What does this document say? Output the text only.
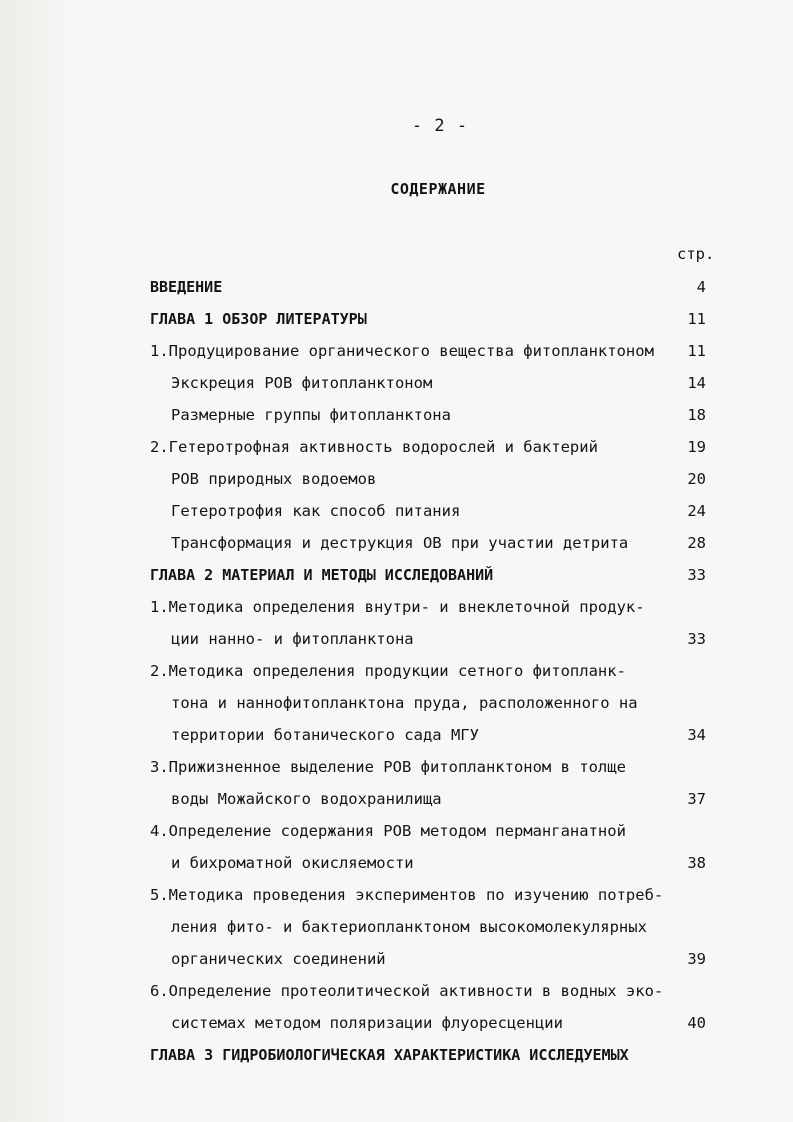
- 2 -
СОДЕРЖАНИЕ
стр.
ВВЕДЕНИЕ	4
ГЛАВА 1 ОБЗОР ЛИТЕРАТУРЫ	11
1.Продуцирование органического вещества фитопланктоном 11
Экскреция РОВ фитопланктоном	14
Размерные группы фитопланктона	18
2.Гетеротрофная активность водорослей и бактерий	19
РОВ природных водоемов	20
Гетеротрофия как способ питания	24
Трансформация и деструкция ОВ при участии детрита	28
ГЛАВА 2 МАТЕРИАЛ И МЕТОДЫ ИССЛЕДОВАНИЙ	33
1.Методика определения внутри- и внеклеточной продук-
ции нанно- и фитопланктона	33
2.Методика определения продукции сетного фитопланк-
тона и наннофитопланктона пруда, расположенного на
территории ботанического сада МГУ	34
3.Прижизненное выделение РОВ фитопланктоном в толще
воды Можайского водохранилища	37
4.Определение содержания РОВ методом перманганатной
и бихроматной окисляемости	38
5.Методика проведения экспериментов по изучению потреб-
ления фито- и бактериопланктоном высокомолекулярных
органических соединений	39
6.Определение протеолитической активности в водных эко-
системах методом поляризации флуоресценции	40
ГЛАВА 3 ГИДРОБИОЛОГИЧЕСКАЯ ХАРАКТЕРИСТИКА ИССЛЕДУЕМЫХ
